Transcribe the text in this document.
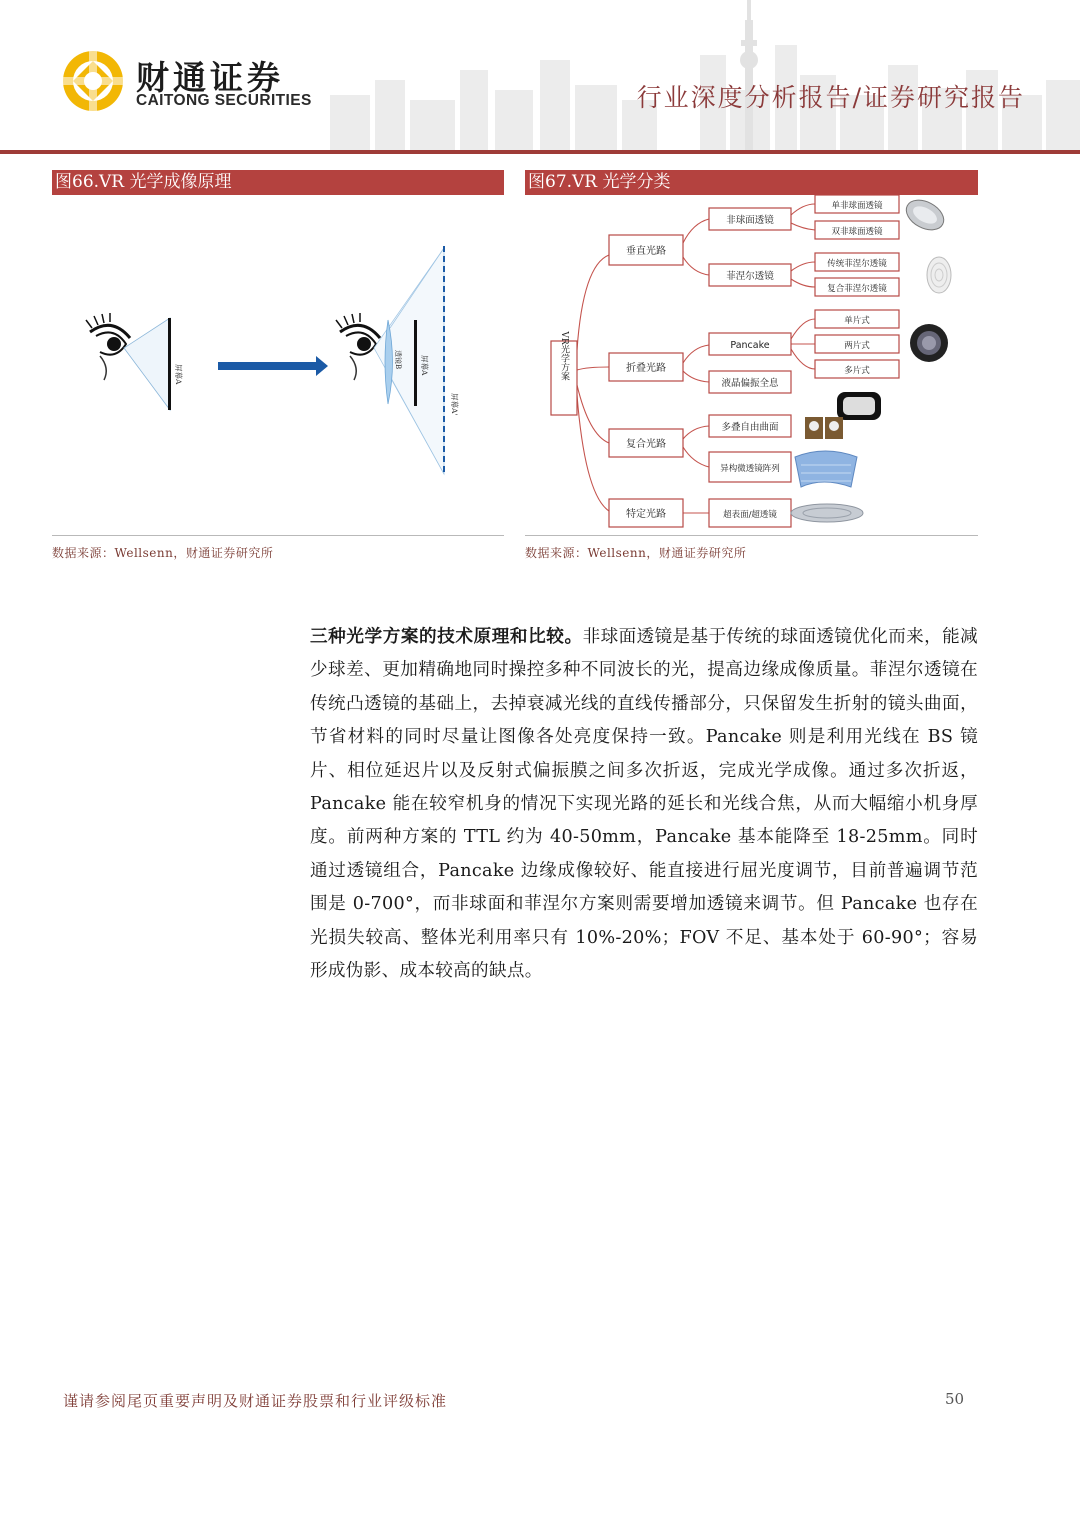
财通证券
CAITONG SECURITIES	行业深度分析报告/证券研究报告
图66.VR 光学成像原理
屏幕A
透镜B 屏幕A
屏幕A'
数据来源：Wellsenn，财通证券研究所
图67.VR 光学分类
VR光学方案
垂直光路
折叠光路
复合光路
特定光路
非球面透镜
菲涅尔透镜
Pancake
液晶偏振全息
多叠自由曲面
异构微透镜阵列
超表面/超透镜
单非球面透镜
双非球面透镜
传统菲涅尔透镜
复合菲涅尔透镜
单片式
两片式
多片式
数据来源：Wellsenn，财通证券研究所
三种光学方案的技术原理和比较。非球面透镜是基于传统的球面透镜优化而来，能减少球差、更加精确地同时操控多种不同波长的光，提高边缘成像质量。菲涅尔透镜在传统凸透镜的基础上，去掉衰减光线的直线传播部分，只保留发生折射的镜头曲面，节省材料的同时尽量让图像各处亮度保持一致。Pancake 则是利用光线在 BS 镜片、相位延迟片以及反射式偏振膜之间多次折返，完成光学成像。通过多次折返，Pancake 能在较窄机身的情况下实现光路的延长和光线合焦，从而大幅缩小机身厚度。前两种方案的 TTL 约为 40-50mm，Pancake 基本能降至 18-25mm。同时通过透镜组合，Pancake 边缘成像较好、能直接进行屈光度调节，目前普遍调节范围是 0-700°，而非球面和菲涅尔方案则需要增加透镜来调节。但 Pancake 也存在光损失较高、整体光利用率只有 10%-20%；FOV 不足、基本处于 60-90°；容易形成伪影、成本较高的缺点。
谨请参阅尾页重要声明及财通证券股票和行业评级标准	50
